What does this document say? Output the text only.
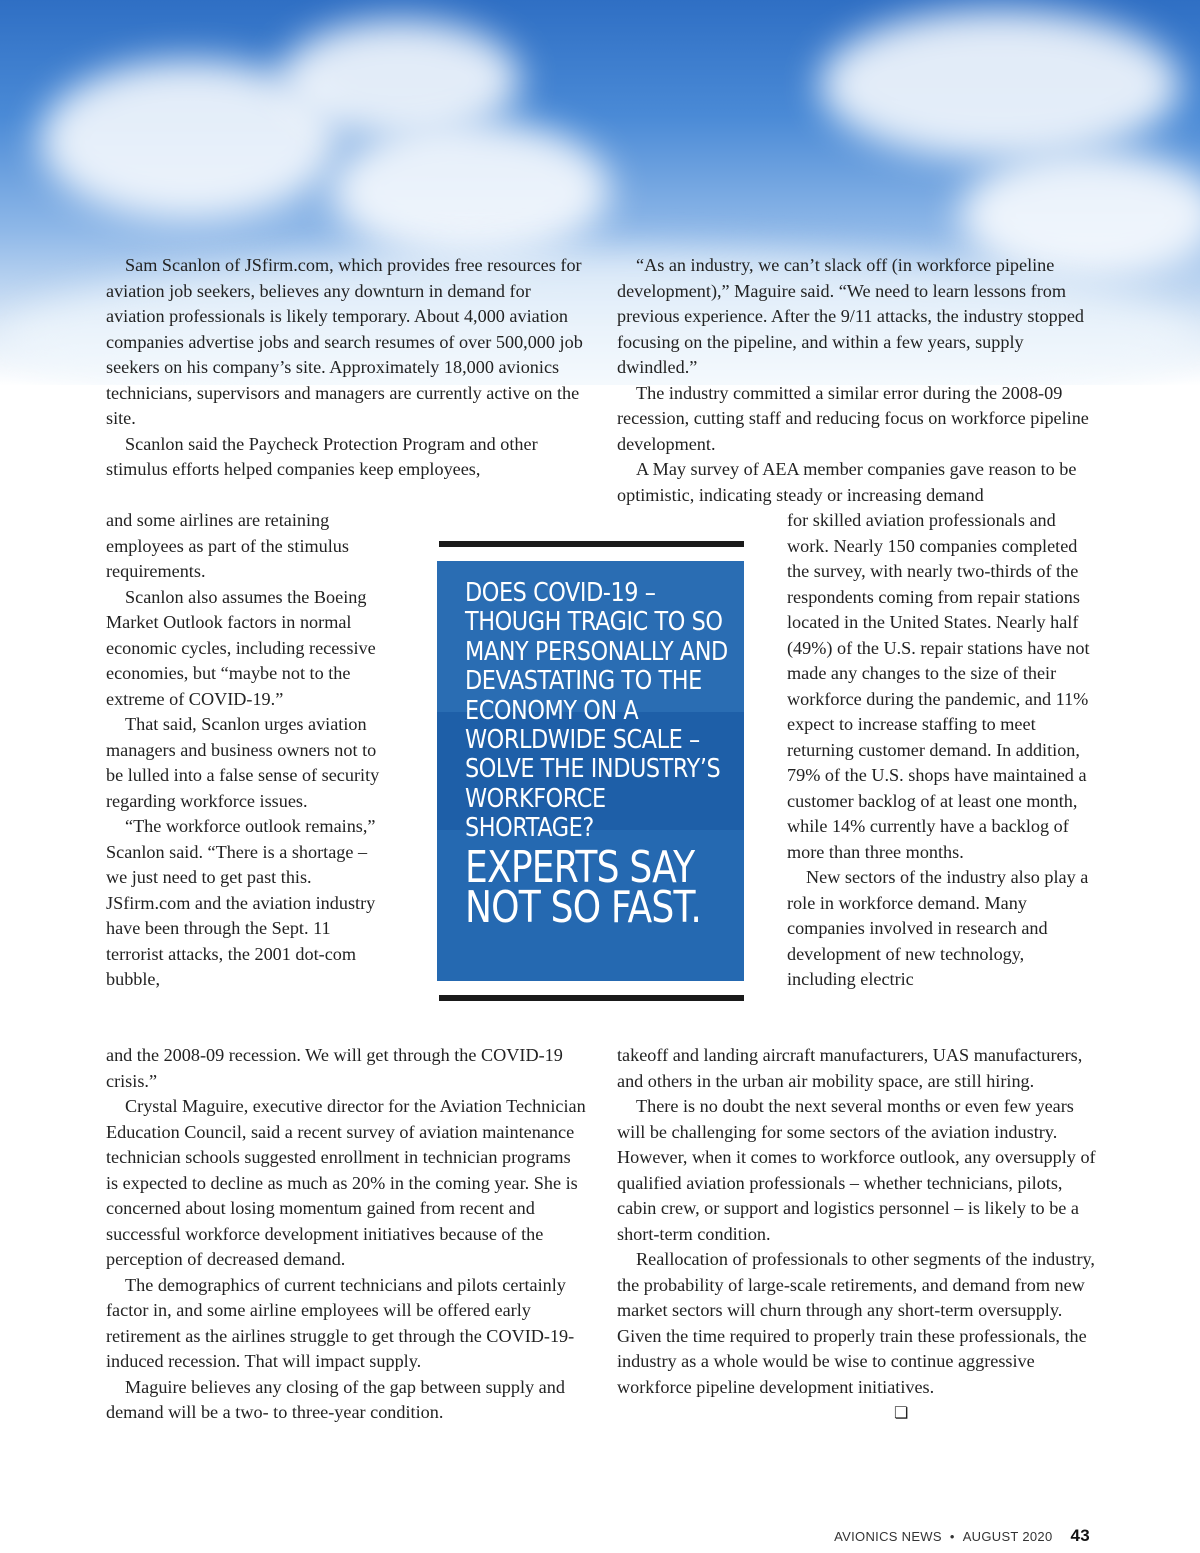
Sam Scanlon of JSfirm.com, which provides free resources for aviation job seekers, believes any downturn in demand for aviation professionals is likely temporary. About 4,000 aviation companies advertise jobs and search resumes of over 500,000 job seekers on his company’s site. Approximately 18,000 avionics technicians, supervisors and managers are currently active on the site.

Scanlon said the Paycheck Protection Program and other stimulus efforts helped companies keep employees,

and some airlines are retaining employees as part of the stimulus requirements.

Scanlon also assumes the Boeing Market Outlook factors in normal economic cycles, including recessive economies, but “maybe not to the extreme of COVID-19.”

That said, Scanlon urges aviation managers and business owners not to be lulled into a false sense of security regarding workforce issues.

“The workforce outlook remains,” Scanlon said. “There is a shortage – we just need to get past this. JSfirm.com and the aviation industry have been through the Sept. 11 terrorist attacks, the 2001 dot-com bubble,

and the 2008-09 recession. We will get through the COVID-19 crisis.”

Crystal Maguire, executive director for the Aviation Technician Education Council, said a recent survey of aviation maintenance technician schools suggested enrollment in technician programs is expected to decline as much as 20% in the coming year. She is concerned about losing momentum gained from recent and successful workforce development initiatives because of the perception of decreased demand.

The demographics of current technicians and pilots certainly factor in, and some airline employees will be offered early retirement as the airlines struggle to get through the COVID-19-induced recession. That will impact supply.

Maguire believes any closing of the gap between supply and demand will be a two- to three-year condition.

“As an industry, we can’t slack off (in workforce pipeline development),” Maguire said. “We need to learn lessons from previous experience. After the 9/11 attacks, the industry stopped focusing on the pipeline, and within a few years, supply dwindled.”

The industry committed a similar error during the 2008-09 recession, cutting staff and reducing focus on workforce pipeline development.

A May survey of AEA member companies gave reason to be optimistic, indicating steady or increasing demand

for skilled aviation professionals and work. Nearly 150 companies completed the survey, with nearly two-thirds of the respondents coming from repair stations located in the United States. Nearly half (49%) of the U.S. repair stations have not made any changes to the size of their workforce during the pandemic, and 11% expect to increase staffing to meet returning customer demand. In addition, 79% of the U.S. shops have maintained a customer backlog of at least one month, while 14% currently have a backlog of more than three months.

New sectors of the industry also play a role in workforce demand. Many companies involved in research and development of new technology, including electric

takeoff and landing aircraft manufacturers, UAS manufacturers, and others in the urban air mobility space, are still hiring.

There is no doubt the next several months or even few years will be challenging for some sectors of the aviation industry. However, when it comes to workforce outlook, any oversupply of qualified aviation professionals – whether technicians, pilots, cabin crew, or support and logistics personnel – is likely to be a short-term condition.

Reallocation of professionals to other segments of the industry, the probability of large-scale retirements, and demand from new market sectors will churn through any short-term oversupply. Given the time required to properly train these professionals, the industry as a whole would be wise to continue aggressive workforce pipeline development initiatives.

❏
DOES COVID-19 – THOUGH TRAGIC TO SO MANY PERSONALLY AND DEVASTATING TO THE ECONOMY ON A WORLDWIDE SCALE – SOLVE THE INDUSTRY’S WORKFORCE SHORTAGE?
EXPERTS SAY NOT SO FAST.
AVIONICS NEWS • AUGUST 2020 43
